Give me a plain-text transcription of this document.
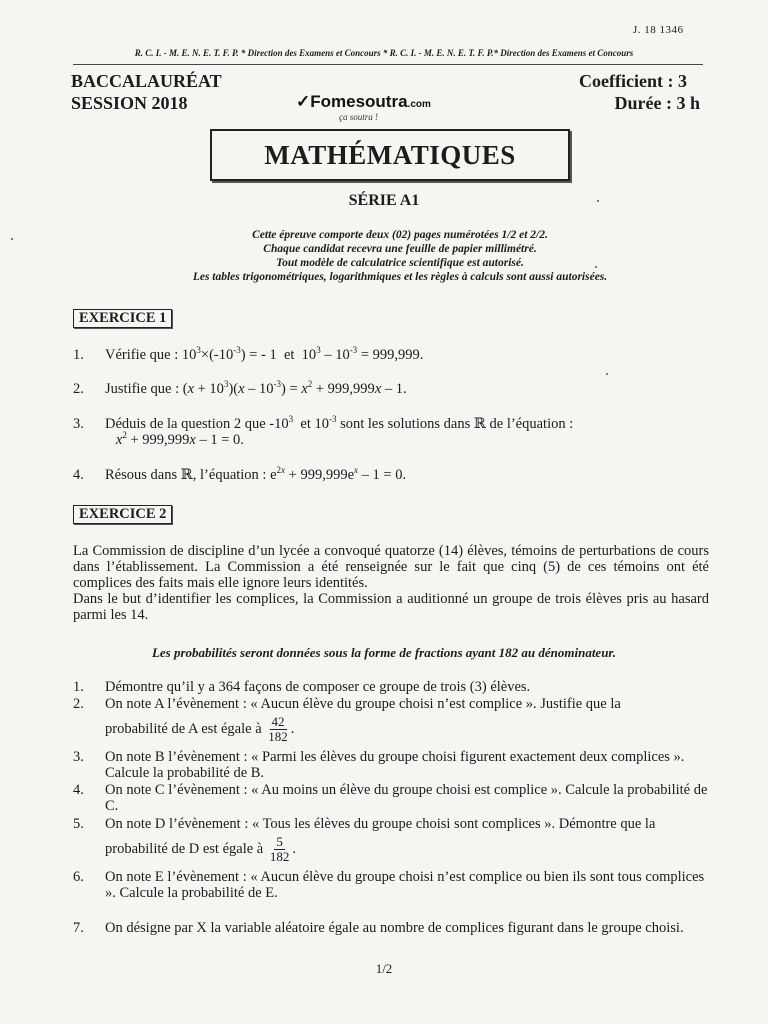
J. 18 1346
R. C. I. - M. E. N. E. T. F. P. * Direction des Examens et Concours * R. C. I. - M. E. N. E. T. F. P.* Direction des Examens et Concours
BACCALAURÉAT
SESSION 2018
Coefficient : 3
Durée : 3 h
✓Fomesoutra.com
ça soutra !
MATHÉMATIQUES
SÉRIE A1
Cette épreuve comporte deux (02) pages numérotées 1/2 et 2/2.
Chaque candidat recevra une feuille de papier millimétré.
Tout modèle de calculatrice scientifique est autorisé.
Les tables trigonométriques, logarithmiques et les règles à calculs sont aussi autorisées.
EXERCICE 1
1. Vérifie que : $10^3\times(-10^{-3})$ = - 1  et  $10^3 - 10^{-3} = 999,999$.
2. Justifie que : $(x + 10^3)(x - 10^{-3}) = x^2 + 999,999x - 1$.
3. Déduis de la question 2 que $-10^3$  et $10^{-3}$ sont les solutions dans ℝ de l’équation :
$x^2 + 999,999x - 1 = 0$.
4. Résous dans ℝ, l’équation : $e^{2x} + 999,999e^x - 1 = 0$.
EXERCICE 2

La Commission de discipline d’un lycée a convoqué quatorze (14) élèves, témoins de perturbations de cours dans l’établissement. La Commission a été renseignée sur le fait que cinq (5) de ces témoins ont été complices des faits mais elle ignore leurs identités.

Dans le but d’identifier les complices, la Commission a auditionné un groupe de trois élèves pris au hasard parmi les 14.

Les probabilités seront données sous la forme de fractions ayant 182 au dénominateur.
1. Démontre qu’il y a 364 façons de composer ce groupe de trois (3) élèves.
2. On note A l’évènement : « Aucun élève du groupe choisi n’est complice ». Justifie que la
probabilité de A est égale à $\frac{42}{182}$ .
3. On note B l’évènement : « Parmi les élèves du groupe choisi figurent exactement deux complices ». Calcule la probabilité de B.
4. On note C l’évènement : « Au moins un élève du groupe choisi est complice ». Calcule la probabilité de C.
5. On note D l’évènement : « Tous les élèves du groupe choisi sont complices ». Démontre que la
probabilité de D est égale à $\frac{5}{182}$ .
6. On note E l’évènement : « Aucun élève du groupe choisi n’est complice ou bien ils sont tous complices ». Calcule la probabilité de E.
7. On désigne par X la variable aléatoire égale au nombre de complices figurant dans le groupe choisi.
1/2
